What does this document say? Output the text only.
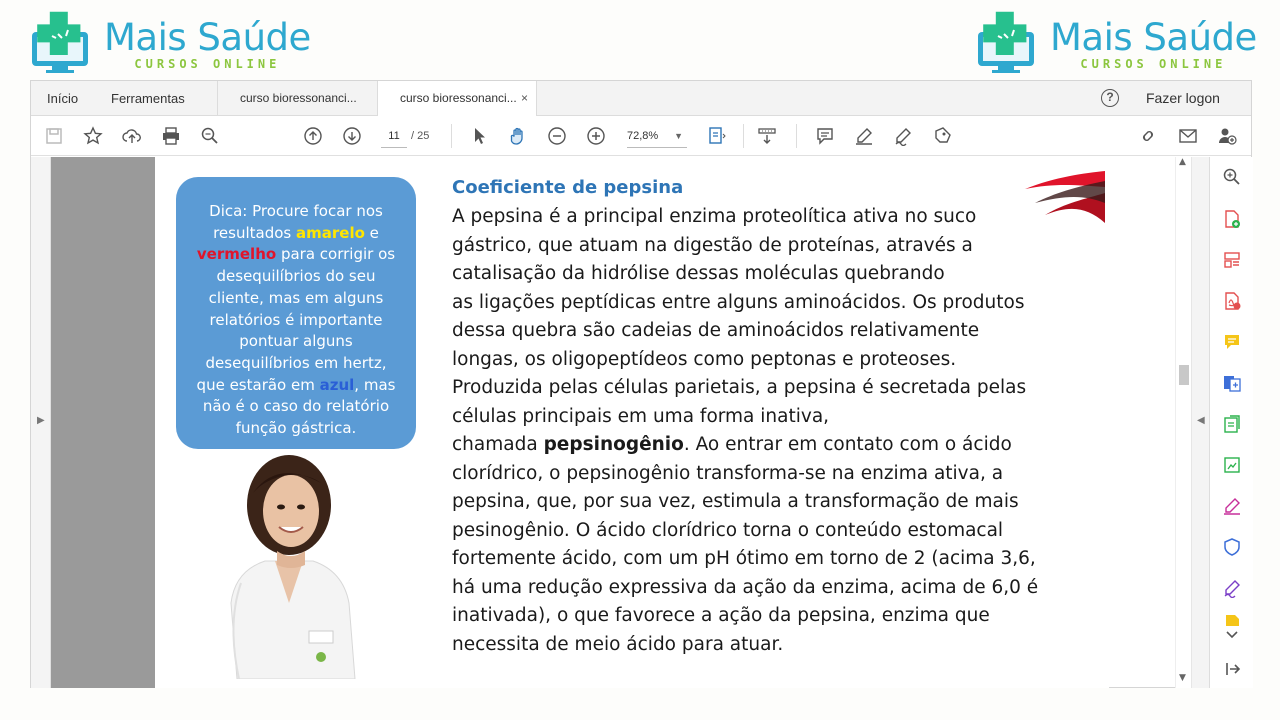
Mais Saúde
CURSOS ONLINE
Mais Saúde
CURSOS ONLINE
Início	Ferramentas	curso bioressonanci...	curso bioressonanci... ×	?	Fazer logon
11	/ 25	72,8% ▼
▶
Dica: Procure focar nos resultados amarelo e vermelho para corrigir os desequilíbrios do seu cliente, mas em alguns relatórios é importante pontuar alguns desequilíbrios em hertz, que estarão em azul, mas não é o caso do relatório função gástrica.
Coeficiente de pepsina
A pepsina é a principal enzima proteolítica ativa no suco
gástrico, que atuam na digestão de proteínas, através a
catalisação da hidrólise dessas moléculas quebrando
as ligações peptídicas entre alguns aminoácidos. Os produtos
dessa quebra são cadeias de aminoácidos relativamente
longas, os oligopeptídeos como peptonas e proteoses.
Produzida pelas células parietais, a pepsina é secretada pelas
células principais em uma forma inativa,
chamada pepsinogênio. Ao entrar em contato com o ácido
clorídrico, o pepsinogênio transforma-se na enzima ativa, a
pepsina, que, por sua vez, estimula a transformação de mais
pesinogênio. O ácido clorídrico torna o conteúdo estomacal
fortemente ácido, com um pH ótimo em torno de 2 (acima 3,6,
há uma redução expressiva da ação da enzima, acima de 6,0 é
inativada), o que favorece a ação da pepsina, enzima que
necessita de meio ácido para atuar.
▲
▼
◀
